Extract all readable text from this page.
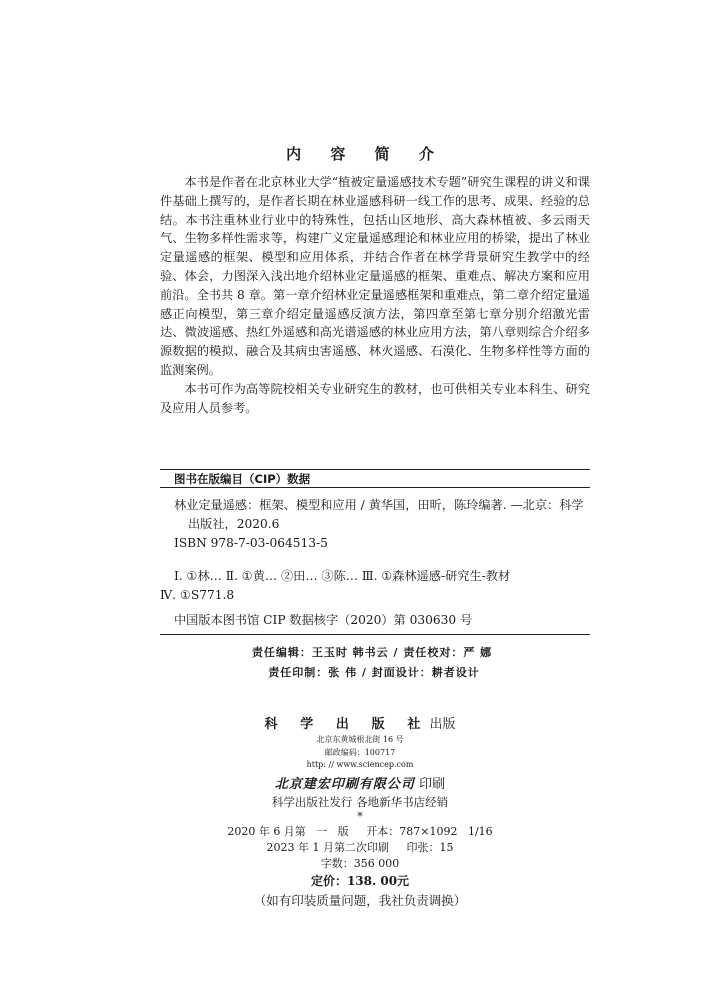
内 容 简 介

本书是作者在北京林业大学“植被定量遥感技术专题”研究生课程的讲义和课件基础上撰写的，是作者长期在林业遥感科研一线工作的思考、成果、经验的总结。本书注重林业行业中的特殊性，包括山区地形、高大森林植被、多云雨天气、生物多样性需求等，构建广义定量遥感理论和林业应用的桥梁，提出了林业定量遥感的框架、模型和应用体系，并结合作者在林学背景研究生教学中的经验、体会，力图深入浅出地介绍林业定量遥感的框架、重难点、解决方案和应用前沿。全书共 8 章。第一章介绍林业定量遥感框架和重难点，第二章介绍定量遥感正向模型，第三章介绍定量遥感反演方法，第四章至第七章分别介绍激光雷达、微波遥感、热红外遥感和高光谱遥感的林业应用方法，第八章则综合介绍多源数据的模拟、融合及其病虫害遥感、林火遥感、石漠化、生物多样性等方面的监测案例。

本书可作为高等院校相关专业研究生的教材，也可供相关专业本科生、研究及应用人员参考。

图书在版编目（CIP）数据
林业定量遥感：框架、模型和应用 / 黄华国，田昕，陈玲编著. —北京：科学出版社，2020.6
ISBN 978-7-03-064513-5
Ⅰ. ①林… Ⅱ. ①黄… ②田… ③陈… Ⅲ. ①森林遥感-研究生-教材
Ⅳ. ①S771.8
中国版本图书馆 CIP 数据核字（2020）第 030630 号
责任编辑：王玉时 韩书云 / 责任校对：严 娜
责任印制：张 伟 / 封面设计：耕者设计
科 学 出 版 社出版
北京东黄城根北街 16 号
邮政编码：100717
http: // www.sciencep.com
北京建宏印刷有限公司 印刷
科学出版社发行 各地新华书店经销
*
2020 年 6 月第   一   版     开本：787×1092   1/16
2023 年 1 月第二次印刷     印张：15
字数：356 000
定价：138. 00元
（如有印装质量问题，我社负责调换）
